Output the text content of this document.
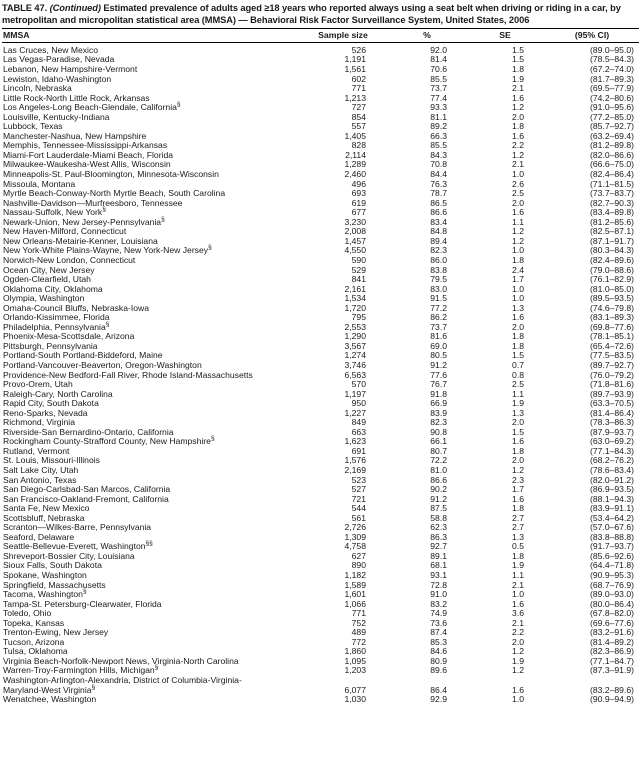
TABLE 47. (Continued) Estimated prevalence of adults aged ≥18 years who reported always using a seat belt when driving or riding in a car, by metropolitan and micropolitan statistical area (MMSA) — Behavioral Risk Factor Surveillance System, United States, 2006
MMSA	Sample size	%	SE	(95% CI)
Las Cruces, New Mexico	526	92.0	1.5	(89.0–95.0)
Las Vegas-Paradise, Nevada	1,191	81.4	1.5	(78.5–84.3)
Lebanon, New Hampshire-Vermont	1,561	70.6	1.8	(67.2–74.0)
Lewiston, Idaho-Washington	602	85.5	1.9	(81.7–89.3)
Lincoln, Nebraska	771	73.7	2.1	(69.5–77.9)
Little Rock-North Little Rock, Arkansas	1,213	77.4	1.6	(74.2–80.6)
Los Angeles-Long Beach-Glendale, California§	727	93.3	1.2	(91.0–95.6)
Louisville, Kentucky-Indiana	854	81.1	2.0	(77.2–85.0)
Lubbock, Texas	557	89.2	1.8	(85.7–92.7)
Manchester-Nashua, New Hampshire	1,405	66.3	1.6	(63.2–69.4)
Memphis, Tennessee-Mississippi-Arkansas	828	85.5	2.2	(81.2–89.8)
Miami-Fort Lauderdale-Miami Beach, Florida	2,114	84.3	1.2	(82.0–86.6)
Milwaukee-Waukesha-West Allis, Wisconsin	1,289	70.8	2.1	(66.6–75.0)
Minneapolis-St. Paul-Bloomington, Minnesota-Wisconsin	2,460	84.4	1.0	(82.4–86.4)
Missoula, Montana	496	76.3	2.6	(71.1–81.5)
Myrtle Beach-Conway-North Myrtle Beach, South Carolina	693	78.7	2.5	(73.7–83.7)
Nashville-Davidson—Murfreesboro, Tennessee	619	86.5	2.0	(82.7–90.3)
Nassau-Suffolk, New York§	677	86.6	1.6	(83.4–89.8)
Newark-Union, New Jersey-Pennsylvania§	3,230	83.4	1.1	(81.2–85.6)
New Haven-Milford, Connecticut	2,008	84.8	1.2	(82.5–87.1)
New Orleans-Metairie-Kenner, Louisiana	1,457	89.4	1.2	(87.1–91.7)
New York-White Plains-Wayne, New York-New Jersey§	4,550	82.3	1.0	(80.3–84.3)
Norwich-New London, Connecticut	590	86.0	1.8	(82.4–89.6)
Ocean City, New Jersey	529	83.8	2.4	(79.0–88.6)
Ogden-Clearfield, Utah	841	79.5	1.7	(76.1–82.9)
Oklahoma City, Oklahoma	2,161	83.0	1.0	(81.0–85.0)
Olympia, Washington	1,534	91.5	1.0	(89.5–93.5)
Omaha-Council Bluffs, Nebraska-Iowa	1,720	77.2	1.3	(74.6–79.8)
Orlando-Kissimmee, Florida	795	86.2	1.6	(83.1–89.3)
Philadelphia, Pennsylvania§	2,553	73.7	2.0	(69.8–77.6)
Phoenix-Mesa-Scottsdale, Arizona	1,290	81.6	1.8	(78.1–85.1)
Pittsburgh, Pennsylvania	3,567	69.0	1.8	(65.4–72.6)
Portland-South Portland-Biddeford, Maine	1,274	80.5	1.5	(77.5–83.5)
Portland-Vancouver-Beaverton, Oregon-Washington	3,746	91.2	0.7	(89.7–92.7)
Providence-New Bedford-Fall River, Rhode Island-Massachusetts	6,563	77.6	0.8	(76.0–79.2)
Provo-Orem, Utah	570	76.7	2.5	(71.8–81.6)
Raleigh-Cary, North Carolina	1,197	91.8	1.1	(89.7–93.9)
Rapid City, South Dakota	950	66.9	1.9	(63.3–70.5)
Reno-Sparks, Nevada	1,227	83.9	1.3	(81.4–86.4)
Richmond, Virginia	849	82.3	2.0	(78.3–86.3)
Riverside-San Bernardino-Ontario, California	663	90.8	1.5	(87.9–93.7)
Rockingham County-Strafford County, New Hampshire§	1,623	66.1	1.6	(63.0–69.2)
Rutland, Vermont	691	80.7	1.8	(77.1–84.3)
St. Louis, Missouri-Illinois	1,576	72.2	2.0	(68.2–76.2)
Salt Lake City, Utah	2,169	81.0	1.2	(78.6–83.4)
San Antonio, Texas	523	86.6	2.3	(82.0–91.2)
San Diego-Carlsbad-San Marcos, California	527	90.2	1.7	(86.9–93.5)
San Francisco-Oakland-Fremont, California	721	91.2	1.6	(88.1–94.3)
Santa Fe, New Mexico	544	87.5	1.8	(83.9–91.1)
Scottsbluff, Nebraska	561	58.8	2.7	(53.4–64.2)
Scranton—Wilkes-Barre, Pennsylvania	2,726	62.3	2.7	(57.0–67.6)
Seaford, Delaware	1,309	86.3	1.3	(83.8–88.8)
Seattle-Bellevue-Everett, Washington§§	4,758	92.7	0.5	(91.7–93.7)
Shreveport-Bossier City, Louisiana	627	89.1	1.8	(85.6–92.6)
Sioux Falls, South Dakota	890	68.1	1.9	(64.4–71.8)
Spokane, Washington	1,182	93.1	1.1	(90.9–95.3)
Springfield, Massachusetts	1,589	72.8	2.1	(68.7–76.9)
Tacoma, Washington§	1,601	91.0	1.0	(89.0–93.0)
Tampa-St. Petersburg-Clearwater, Florida	1,066	83.2	1.6	(80.0–86.4)
Toledo, Ohio	771	74.9	3.6	(67.8–82.0)
Topeka, Kansas	752	73.6	2.1	(69.6–77.6)
Trenton-Ewing, New Jersey	489	87.4	2.2	(83.2–91.6)
Tucson, Arizona	772	85.3	2.0	(81.4–89.2)
Tulsa, Oklahoma	1,860	84.6	1.2	(82.3–86.9)
Virginia Beach-Norfolk-Newport News, Virginia-North Carolina	1,095	80.9	1.9	(77.1–84.7)
Warren-Troy-Farmington Hills, Michigan§	1,203	89.6	1.2	(87.3–91.9)
Washington-Arlington-Alexandria, District of Columbia-Virginia-				
Maryland-West Virginia§	6,077	86.4	1.6	(83.2–89.6)
Wenatchee, Washington	1,030	92.9	1.0	(90.9–94.9)
